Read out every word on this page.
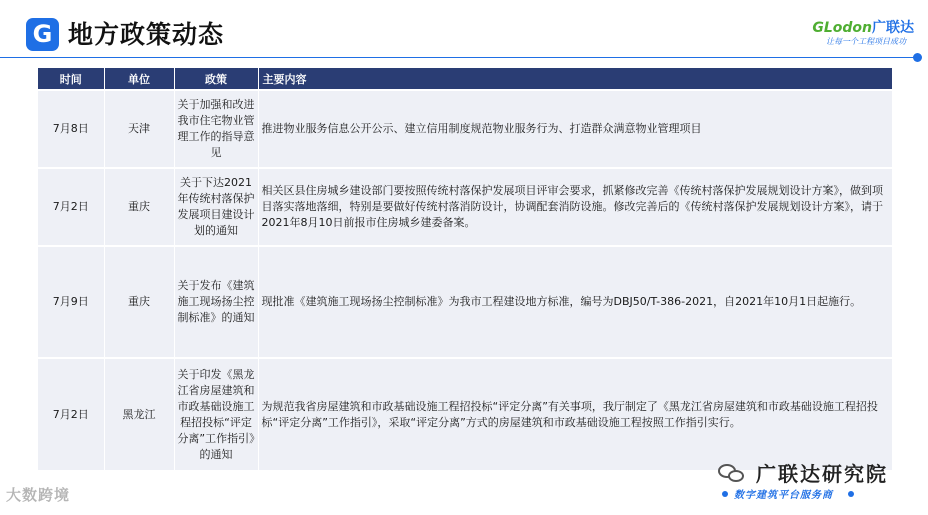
G 地方政策动态	GLodon广联达
让每一个工程项目成功
时间	单位	政策	主要内容
7月8日	天津	关于加强和改进我市住宅物业管理工作的指导意见	推进物业服务信息公开公示、建立信用制度规范物业服务行为、打造群众满意物业管理项目
7月2日	重庆	关于下达2021年传统村落保护发展项目建设计划的通知	相关区县住房城乡建设部门要按照传统村落保护发展项目评审会要求，抓紧修改完善《传统村落保护发展规划设计方案》，做到项目落实落地落细，特别是要做好传统村落消防设计，协调配套消防设施。修改完善后的《传统村落保护发展规划设计方案》，请于2021年8月10日前报市住房城乡建委备案。
7月9日	重庆	关于发布《建筑施工现场扬尘控制标准》的通知	现批准《建筑施工现场扬尘控制标准》为我市工程建设地方标准，编号为DBJ50/T-386-2021，自2021年10月1日起施行。
7月2日	黑龙江	关于印发《黑龙江省房屋建筑和市政基础设施工程招投标“评定分离”工作指引》的通知	为规范我省房屋建筑和市政基础设施工程招投标“评定分离”有关事项，我厅制定了《黑龙江省房屋建筑和市政基础设施工程招投标“评定分离”工作指引》，采取“评定分离”方式的房屋建筑和市政基础设施工程按照工作指引实行。
大数跨境
广联达研究院
数字建筑平台服务商
